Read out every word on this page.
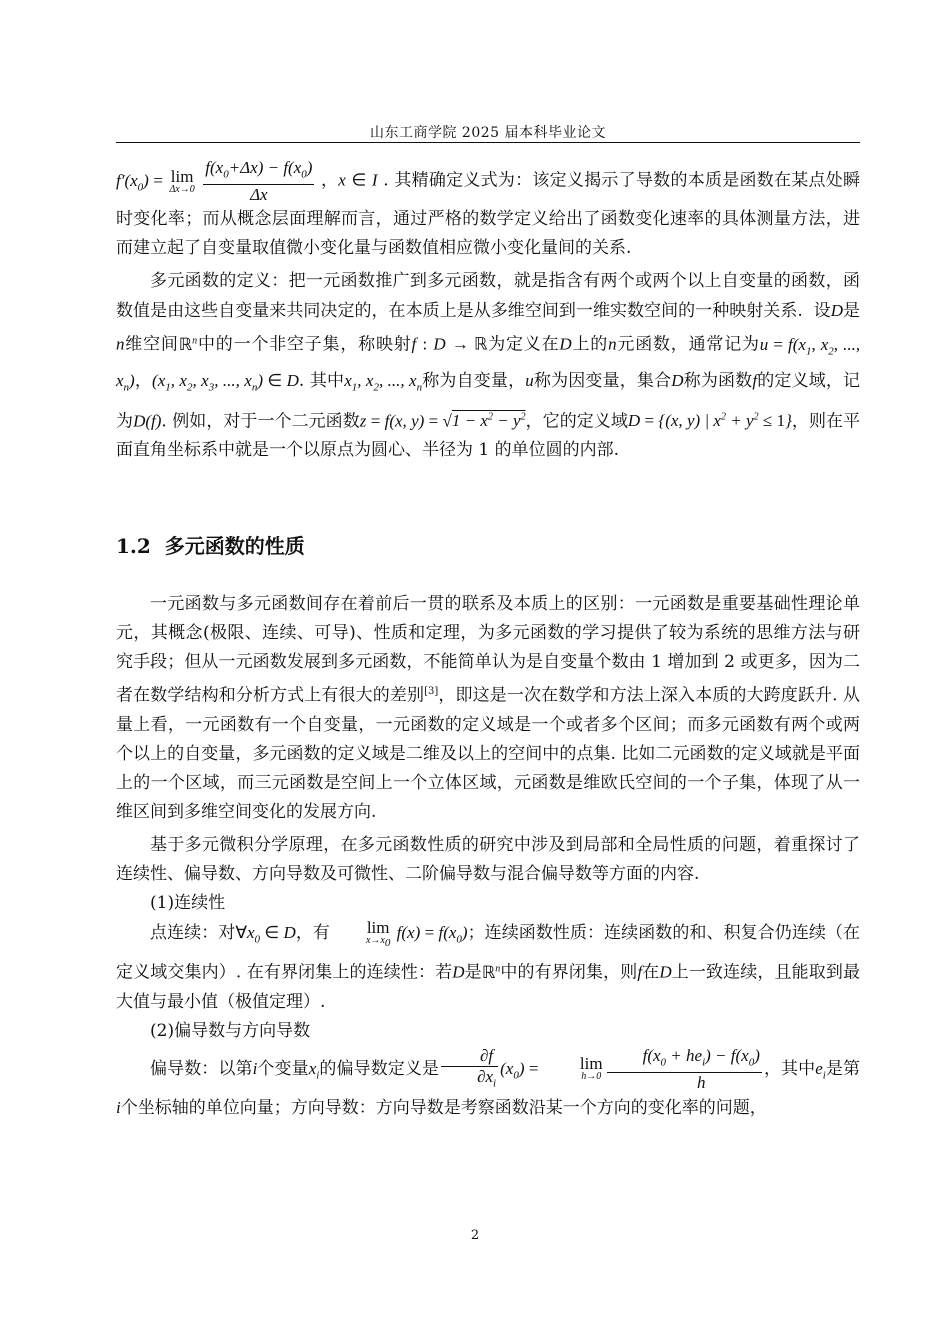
山东工商学院 2025 届本科毕业论文

$f'(x_0) = \lim$
Δx→0
$\frac{f(x_0+\Delta x) - f(x_0)}{\Delta x}$ ，x ∈ I . 其精确定义式为：该定义揭示了导数的本质是函数在某点处瞬时变化率；而从概念层面理解而言，通过严格的数学定义给出了函数变化速率的具体测量方法，进而建立起了自变量取值微小变化量与函数值相应微小变化量间的关系.

多元函数的定义：把一元函数推广到多元函数，就是指含有两个或两个以上自变量的函数，函数值是由这些自变量来共同决定的，在本质上是从多维空间到一维实数空间的一种映射关系. 设D是n维空间ℝ$^n$中的一个非空子集，称映射f : D → ℝ为定义在D上的n元函数，通常记为$u = f(x_1$, $x_2$, ..., $x_n$)，($x_1$, $x_2$, $x_3$, ..., $x_n$) ∈ D. 其中$x_1$, $x_2$, ..., $x_n$称为自变量，u称为因变量，集合D称为函数f的定义域，记为D(f). 例如，对于一个二元函数z = f(x, $y) = √1 - x^2 - y^2$，它的定义域D = {(x, y) | $x^2 + y^2 \le 1$}，则在平面直角坐标系中就是一个以原点为圆心、半径为 1 的单位圆的内部.

1.2 多元函数的性质

一元函数与多元函数间存在着前后一贯的联系及本质上的区别：一元函数是重要基础性理论单元，其概念(极限、连续、可导)、性质和定理，为多元函数的学习提供了较为系统的思维方法与研究手段；但从一元函数发展到多元函数，不能简单认为是自变量个数由 1 增加到 2 或更多，因为二者在数学结构和分析方式上有很大的差别[3]，即这是一次在数学和方法上深入本质的大跨度跃升. 从量上看，一元函数有一个自变量，一元函数的定义域是一个或者多个区间；而多元函数有两个或两个以上的自变量，多元函数的定义域是二维及以上的空间中的点集. 比如二元函数的定义域就是平面上的一个区域，而三元函数是空间上一个立体区域，元函数是维欧氏空间的一个子集，体现了从一维区间到多维空间变化的发展方向.

基于多元微积分学原理，在多元函数性质的研究中涉及到局部和全局性质的问题，着重探讨了连续性、偏导数、方向导数及可微性、二阶偏导数与混合偏导数等方面的内容.

(1)连续性

点连续：对$\forall x_0$ ∈ D，有	lim
$x\to x_0$
$f(x) = f(x_0)$；连续函数性质：连续函数的和、积复合仍连续（在定义域交集内）. 在有界闭集上的连续性：若D是ℝ$^n$中的有界闭集，则f在D上一致连续，且能取到最大值与最小值（极值定理）.

(2)偏导数与方向导数

偏导数：以第i个变量$x_i$的偏导数定义是 $\frac{\partial f}{\partial x_i} (x_0)$ =	lim
$h\to 0 \frac{f(x_0 + he_i) - f(x_0)}{h}$ ，其中$e_i$是第i个坐标轴的单位向量；方向导数：方向导数是考察函数沿某一个方向的变化率的问题，

2
